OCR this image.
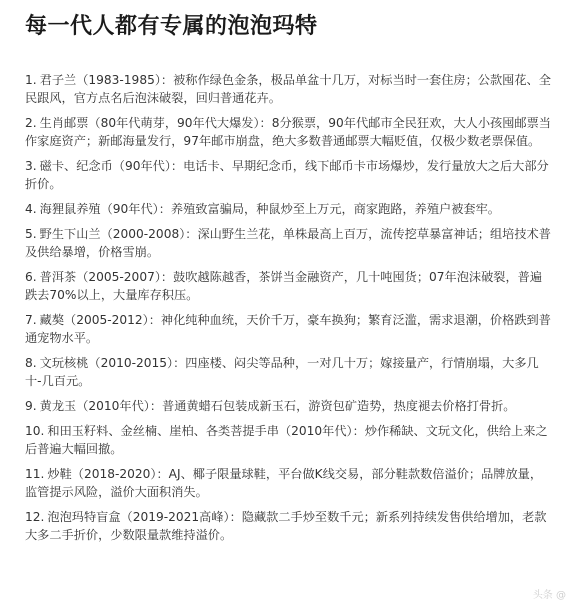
每一代人都有专属的泡泡玛特

1. 君子兰（1983-1985）：被称作绿色金条，极品单盆十几万，对标当时一套住房；公款囤花、全民跟风，官方点名后泡沫破裂，回归普通花卉。

2. 生肖邮票（80年代萌芽，90年代大爆发）：8分猴票，90年代邮市全民狂欢，大人小孩囤邮票当作家庭资产；新邮海量发行，97年邮市崩盘，绝大多数普通邮票大幅贬值，仅极少数老票保值。

3. 磁卡、纪念币（90年代）：电话卡、早期纪念币，线下邮币卡市场爆炒，发行量放大之后大部分折价。

4. 海狸鼠养殖（90年代）：养殖致富骗局，种鼠炒至上万元，商家跑路，养殖户被套牢。

5. 野生下山兰（2000-2008）：深山野生兰花，单株最高上百万，流传挖草暴富神话；组培技术普及供给暴增，价格雪崩。

6. 普洱茶（2005-2007）：鼓吹越陈越香，茶饼当金融资产，几十吨囤货；07年泡沫破裂，普遍跌去70%以上，大量库存积压。

7. 藏獒（2005-2012）：神化纯种血统，天价千万，豪车换狗；繁育泛滥，需求退潮，价格跌到普通宠物水平。

8. 文玩核桃（2010-2015）：四座楼、闷尖等品种，一对几十万；嫁接量产，行情崩塌，大多几十-几百元。

9. 黄龙玉（2010年代）：普通黄蜡石包装成新玉石，游资包矿造势，热度褪去价格打骨折。

10. 和田玉籽料、金丝楠、崖柏、各类菩提手串（2010年代）：炒作稀缺、文玩文化，供给上来之后普遍大幅回撤。

11. 炒鞋（2018-2020）：AJ、椰子限量球鞋，平台做K线交易，部分鞋款数倍溢价；品牌放量，监管提示风险，溢价大面积消失。

12. 泡泡玛特盲盒（2019-2021高峰）：隐藏款二手炒至数千元；新系列持续发售供给增加，老款大多二手折价，少数限量款维持溢价。

头条 @
